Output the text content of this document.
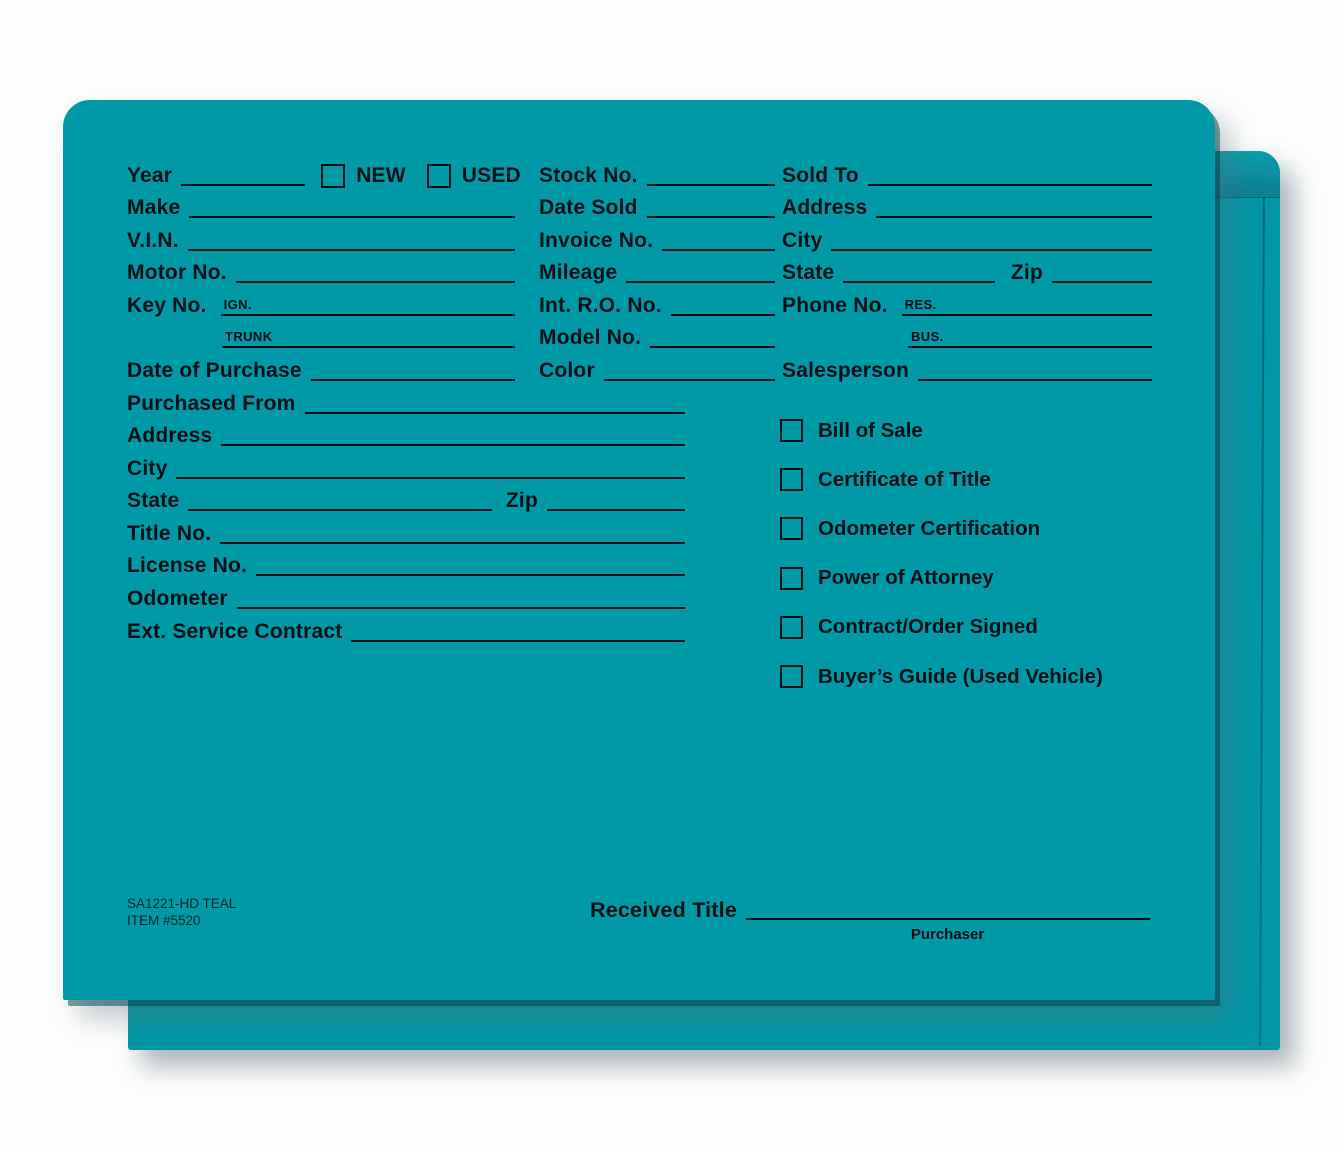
Year	NEW	USED
Make
V.I.N.
Motor No.
Key No. IGN.
TRUNK
Date of Purchase
Purchased From
Address
City
State	Zip
Title No.
License No.
Odometer
Ext. Service Contract
Stock No.
Date Sold
Invoice No.
Mileage
Int. R.O. No.
Model No.
Color
Sold To
Address
City
State	Zip
Phone No. RES.
BUS.
Salesperson
Bill of Sale
Certificate of Title
Odometer Certification
Power of Attorney
Contract/Order Signed
Buyer’s Guide (Used Vehicle)
SA1221-HD TEAL
ITEM #5520	Received Title
Purchaser
